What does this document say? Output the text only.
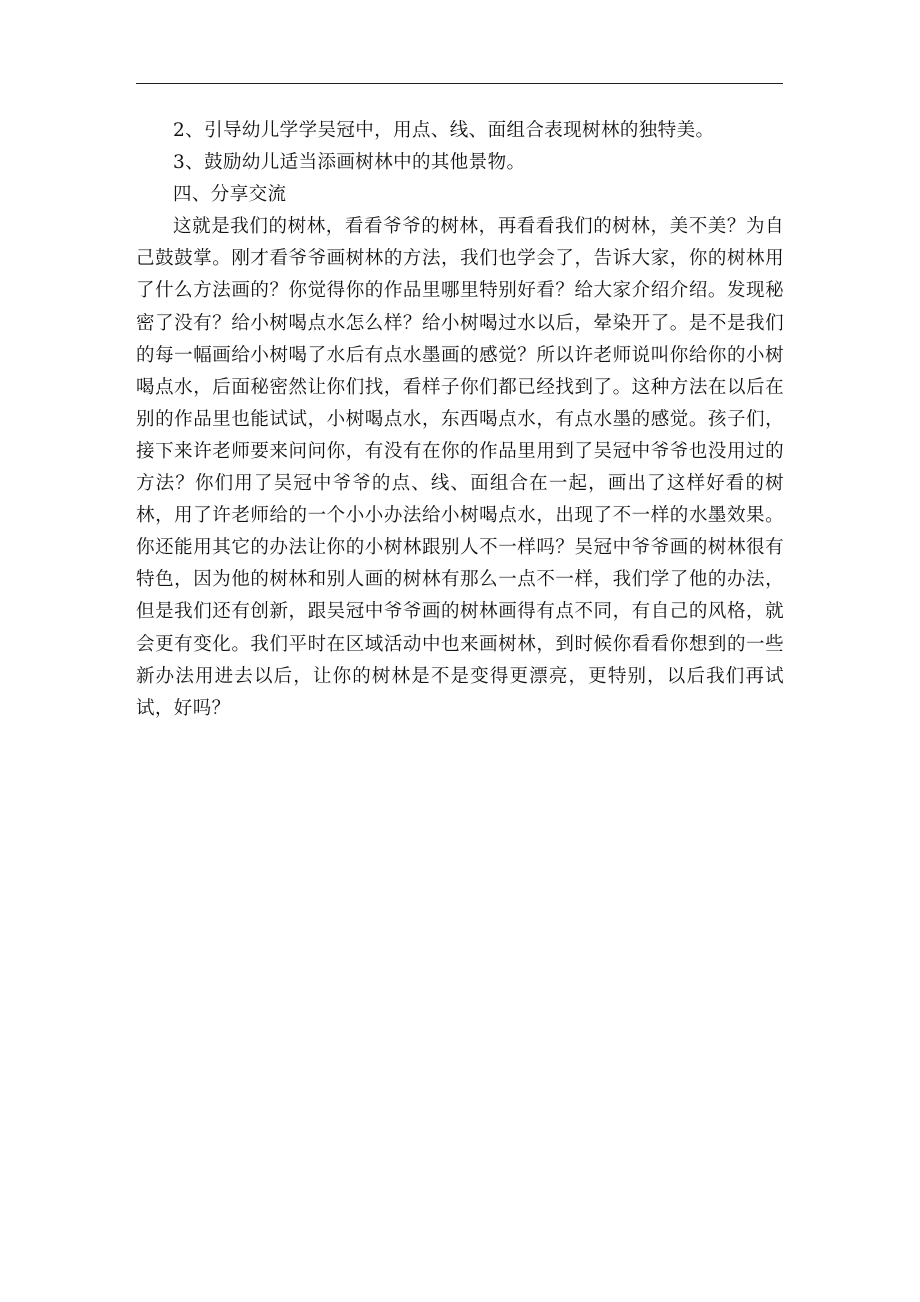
2、引导幼儿学学吴冠中，用点、线、面组合表现树林的独特美。

3、鼓励幼儿适当添画树林中的其他景物。

四、分享交流

这就是我们的树林，看看爷爷的树林，再看看我们的树林，美不美？为自己鼓鼓掌。刚才看爷爷画树林的方法，我们也学会了，告诉大家，你的树林用了什么方法画的？你觉得你的作品里哪里特别好看？给大家介绍介绍。发现秘密了没有？给小树喝点水怎么样？给小树喝过水以后，晕染开了。是不是我们的每一幅画给小树喝了水后有点水墨画的感觉？所以许老师说叫你给你的小树喝点水，后面秘密然让你们找，看样子你们都已经找到了。这种方法在以后在别的作品里也能试试，小树喝点水，东西喝点水，有点水墨的感觉。孩子们，接下来许老师要来问问你，有没有在你的作品里用到了吴冠中爷爷也没用过的方法？你们用了吴冠中爷爷的点、线、面组合在一起，画出了这样好看的树林，用了许老师给的一个小小办法给小树喝点水，出现了不一样的水墨效果。你还能用其它的办法让你的小树林跟别人不一样吗？吴冠中爷爷画的树林很有特色，因为他的树林和别人画的树林有那么一点不一样，我们学了他的办法，但是我们还有创新，跟吴冠中爷爷画的树林画得有点不同，有自己的风格，就会更有变化。我们平时在区域活动中也来画树林，到时候你看看你想到的一些新办法用进去以后，让你的树林是不是变得更漂亮，更特别，以后我们再试试，好吗？
